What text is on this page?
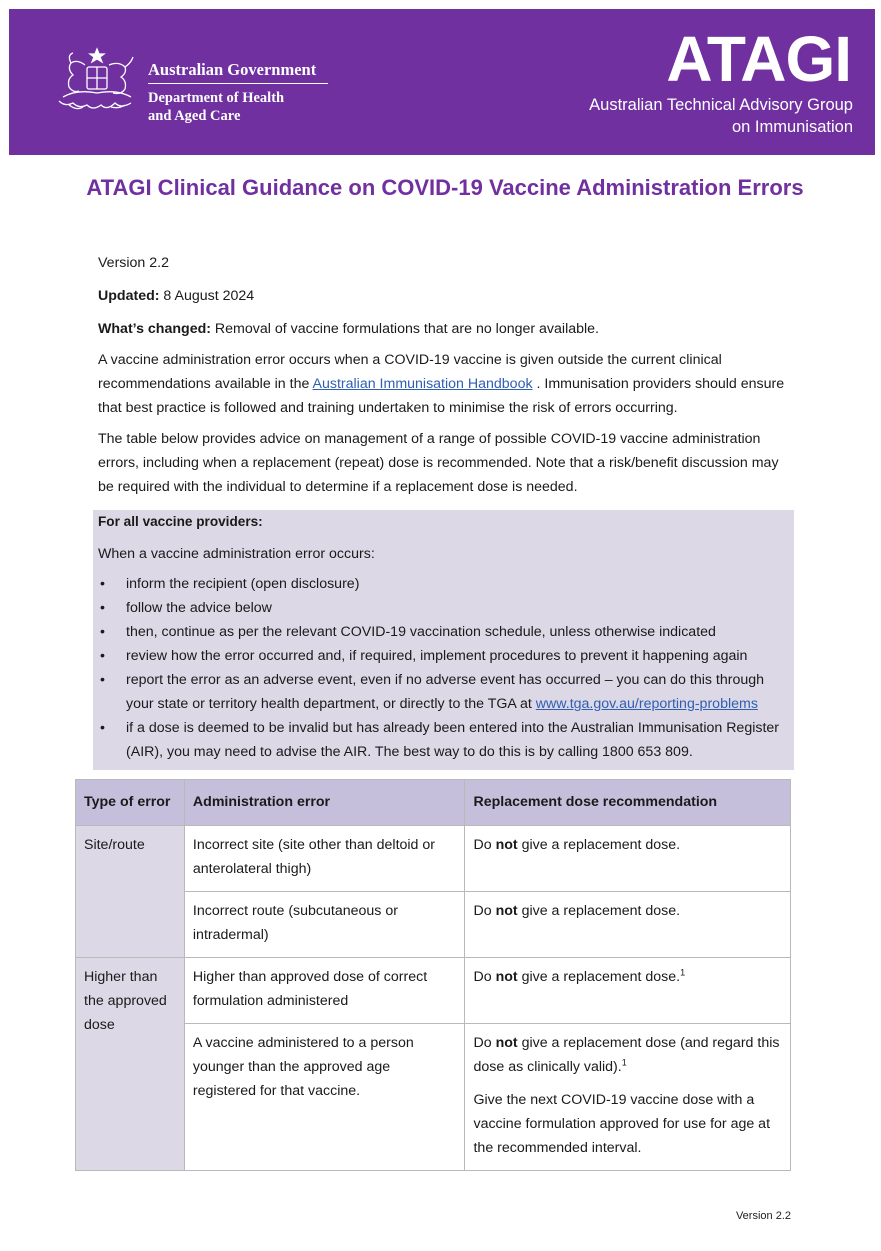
Australian Government
Department of Health
and Aged Care
ATAGI
Australian Technical Advisory Group
on Immunisation
ATAGI Clinical Guidance on COVID-19 Vaccine Administration Errors

Version 2.2

Updated: 8 August 2024

What’s changed: Removal of vaccine formulations that are no longer available.

A vaccine administration error occurs when a COVID-19 vaccine is given outside the current clinical recommendations available in the Australian Immunisation Handbook . Immunisation providers should ensure that best practice is followed and training undertaken to minimise the risk of errors occurring.

The table below provides advice on management of a range of possible COVID-19 vaccine administration errors, including when a replacement (repeat) dose is recommended. Note that a risk/benefit discussion may be required with the individual to determine if a replacement dose is needed.

For all vaccine providers:

When a vaccine administration error occurs:

• inform the recipient (open disclosure)
• follow the advice below
• then, continue as per the relevant COVID-19 vaccination schedule, unless otherwise indicated
• review how the error occurred and, if required, implement procedures to prevent it happening again
• report the error as an adverse event, even if no adverse event has occurred – you can do this through your state or territory health department, or directly to the TGA at www.tga.gov.au/reporting-problems
• if a dose is deemed to be invalid but has already been entered into the Australian Immunisation Register (AIR), you may need to advise the AIR. The best way to do this is by calling 1800 653 809.
Type of error	Administration error	Replacement dose recommendation
Site/route	Incorrect site (site other than deltoid or anterolateral thigh)	Do not give a replacement dose.
	Incorrect route (subcutaneous or intradermal)	Do not give a replacement dose.
Higher than the approved dose	Higher than approved dose of correct formulation administered	Do not give a replacement dose.$^1$
	A vaccine administered to a person younger than the approved age registered for that vaccine.	Do not give a replacement dose (and regard this dose as clinically valid).$^1$

Give the next COVID-19 vaccine dose with a vaccine formulation approved for use for age at the recommended interval.

Version 2.2
